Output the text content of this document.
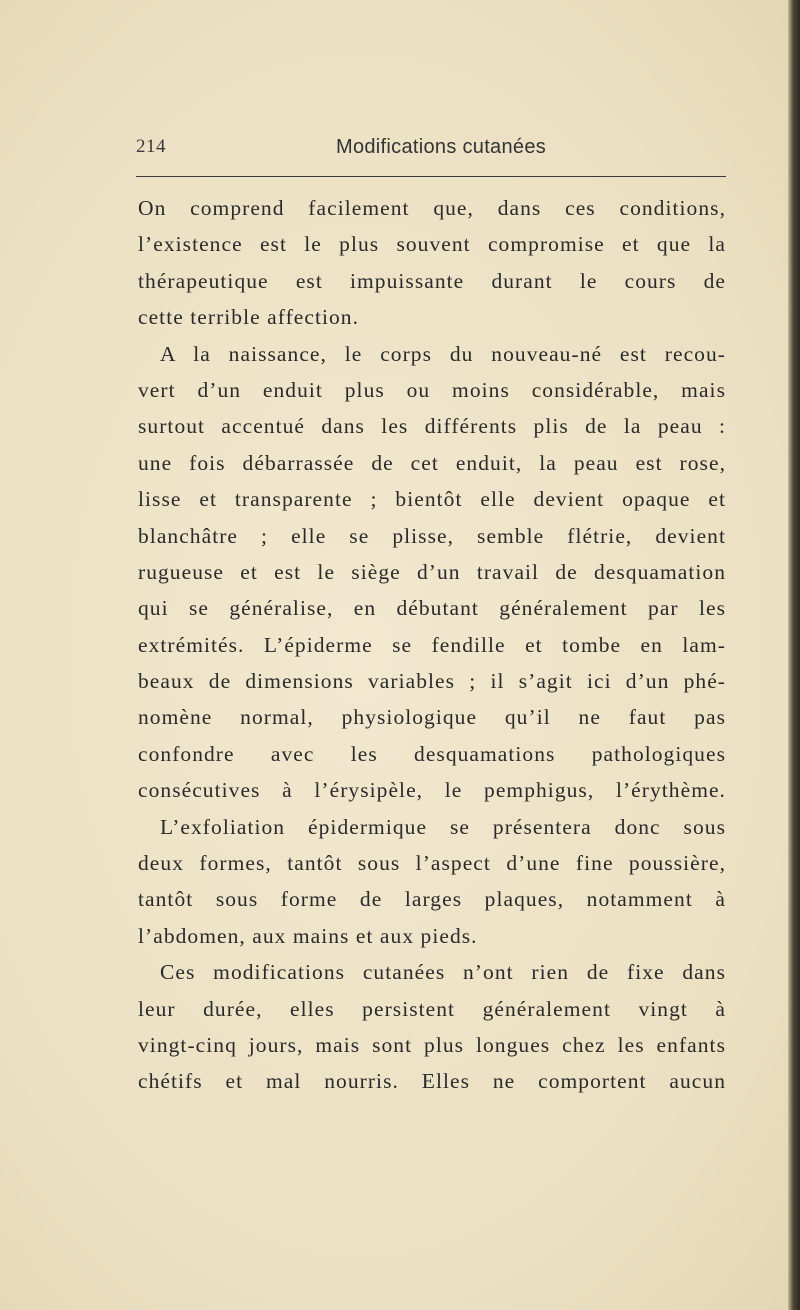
214	Modifications cutanées
On comprend facilement que, dans ces conditions,
l’existence est le plus souvent compromise et que la
thérapeutique est impuissante durant le cours de
cette terrible affection.
A la naissance, le corps du nouveau-né est recou-
vert d’un enduit plus ou moins considérable, mais
surtout accentué dans les différents plis de la peau :
une fois débarrassée de cet enduit, la peau est rose,
lisse et transparente ; bientôt elle devient opaque et
blanchâtre ; elle se plisse, semble flétrie, devient
rugueuse et est le siège d’un travail de desquamation
qui se généralise, en débutant généralement par les
extrémités. L’épiderme se fendille et tombe en lam-
beaux de dimensions variables ; il s’agit ici d’un phé-
nomène normal, physiologique qu’il ne faut pas
confondre avec les desquamations pathologiques
consécutives à l’érysipèle, le pemphigus, l’érythème.
L’exfoliation épidermique se présentera donc sous
deux formes, tantôt sous l’aspect d’une fine poussière,
tantôt sous forme de larges plaques, notamment à
l’abdomen, aux mains et aux pieds.
Ces modifications cutanées n’ont rien de fixe dans
leur durée, elles persistent généralement vingt à
vingt-cinq jours, mais sont plus longues chez les enfants
chétifs et mal nourris. Elles ne comportent aucun
